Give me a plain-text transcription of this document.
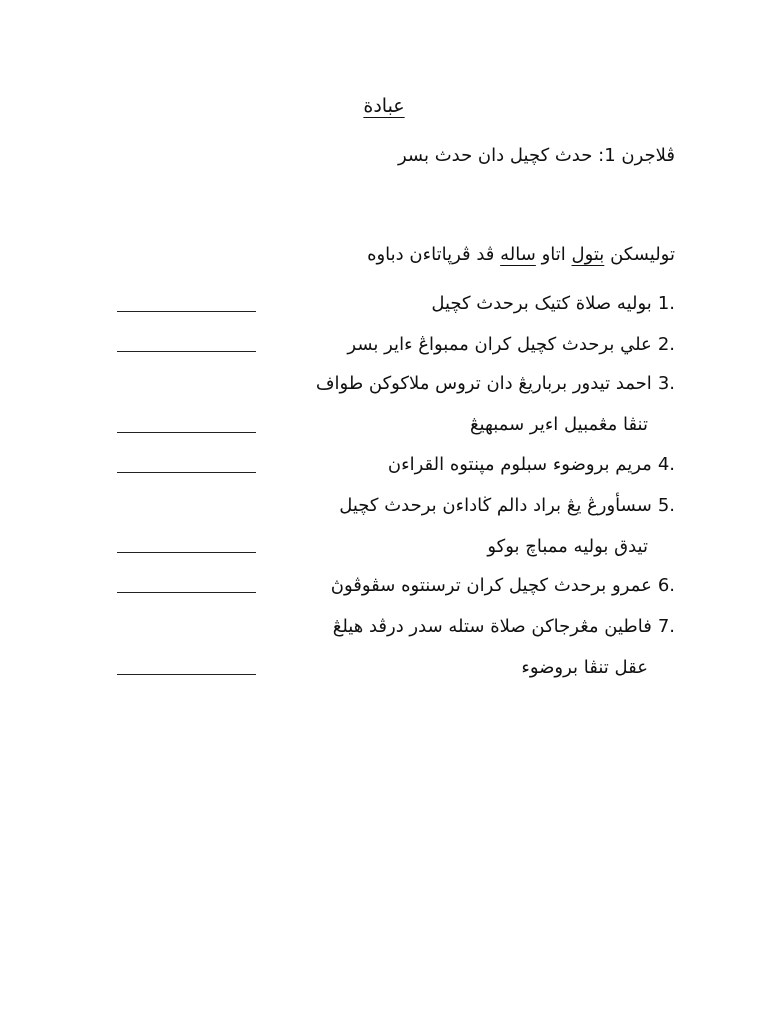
عبادة
ڤلاجرن 1: حدث کچيل دان حدث بسر
توليسکن بتول اتاو ساله ڤد ڤرپاتاءن دباوه
1.بوليه صلاة کتيک برحدث کچيل
2.علي برحدث کچيل کران ممبواڠ ءاير بسر
3.احمد تيدور برباريڠ دان تروس ملاکوکن طواف
تنڤا مڠمبيل اءير سمبهيڠ
4.مريم بروضوء سبلوم مڽنتوه القراءن
5.سسأورڠ يڠ براد دالم ڬاداءن برحدث کچيل
تيدق بوليه ممباچ بوکو
6.عمرو برحدث کچيل کران ترسنتوه سڤوڤوڽ
7.فاطين مڠرجاکن صلاة ستله سدر درڤد هيلڠ
عقل تنڤا بروضوء
